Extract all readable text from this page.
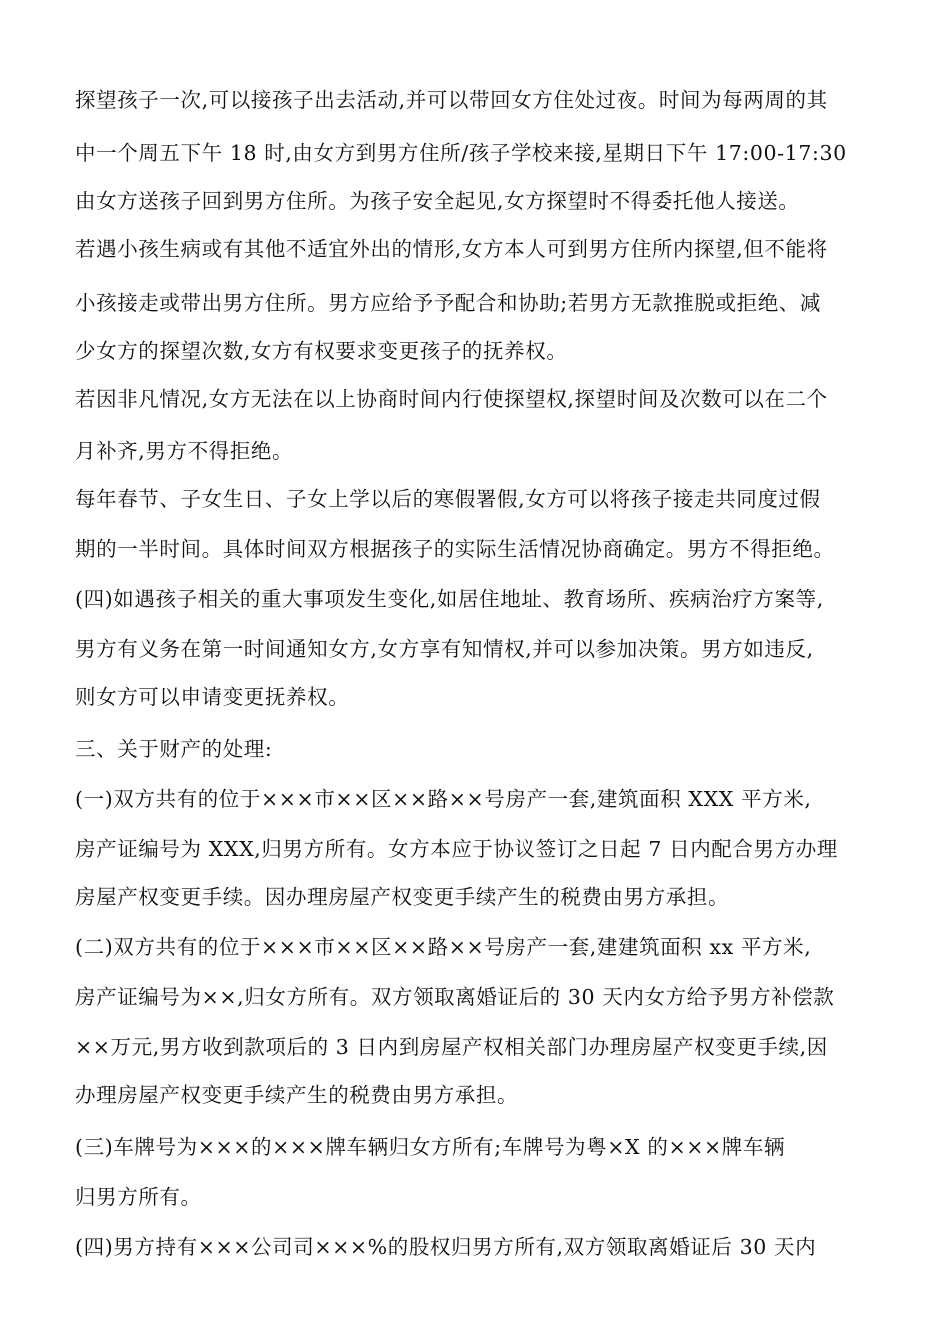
探望孩子一次,可以接孩子出去活动,并可以带回女方住处过夜。时间为每两周的其
中一个周五下午 18 时,由女方到男方住所/孩子学校来接,星期日下午 17:00-17:30
由女方送孩子回到男方住所。为孩子安全起见,女方探望时不得委托他人接送。
若遇小孩生病或有其他不适宜外出的情形,女方本人可到男方住所内探望,但不能将
小孩接走或带出男方住所。男方应给予予配合和协助;若男方无款推脱或拒绝、减
少女方的探望次数,女方有权要求变更孩子的抚养权。
若因非凡情况,女方无法在以上协商时间内行使探望权,探望时间及次数可以在二个
月补齐,男方不得拒绝。
每年春节、子女生日、子女上学以后的寒假署假,女方可以将孩子接走共同度过假
期的一半时间。具体时间双方根据孩子的实际生活情况协商确定。男方不得拒绝。
(四)如遇孩子相关的重大事项发生变化,如居住地址、教育场所、疾病治疗方案等,
男方有义务在第一时间通知女方,女方享有知情权,并可以参加决策。男方如违反,
则女方可以申请变更抚养权。
三、关于财产的处理:
(一)双方共有的位于×××市××区××路××号房产一套,建筑面积 XXX 平方米,
房产证编号为 XXX,归男方所有。女方本应于协议签订之日起 7 日内配合男方办理
房屋产权变更手续。因办理房屋产权变更手续产生的税费由男方承担。
(二)双方共有的位于×××市××区××路××号房产一套,建建筑面积 xx 平方米,
房产证编号为××,归女方所有。双方领取离婚证后的 30 天内女方给予男方补偿款
××万元,男方收到款项后的 3 日内到房屋产权相关部门办理房屋产权变更手续,因
办理房屋产权变更手续产生的税费由男方承担。
(三)车牌号为×××的×××牌车辆归女方所有;车牌号为粤×X 的×××牌车辆
归男方所有。
(四)男方持有×××公司司×××%的股权归男方所有,双方领取离婚证后 30 天内
